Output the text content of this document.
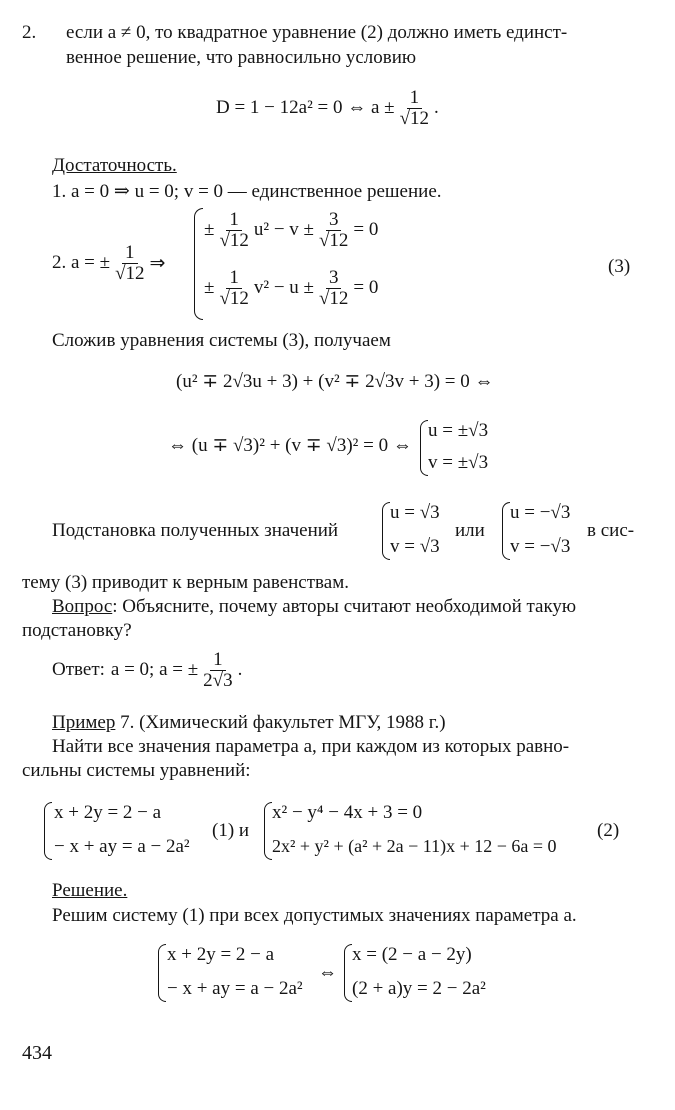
2. если a ≠ 0, то квадратное уравнение (2) должно иметь единст-
венное решение, что равносильно условию
D = 1 − 12a² = 0 ⇔ $a \pm \frac{1}{√12}$ .
Достаточность.
1. a = 0 ⇒ u = 0; v = 0 — единственное решение.
2. a = ± $\frac{1}{√12}$ ⇒
± $\frac{1}{√12} u^2 - v \pm \frac{3}{√12} = 0$
± $\frac{1}{√12} v^2 - u \pm \frac{3}{√12} = 0$
(3)
Сложив уравнения системы (3), получаем
(u² ∓ 2√3u + 3) + (v² ∓ 2√3v + 3) = 0 ⇔
⇔ (u ∓ √3)² + (v ∓ √3)² = 0 ⇔
u = ±√3
v = ±√3
Подстановка полученных значений
u = √3
v = √3
или
u = −√3
v = −√3
в сис-
тему (3) приводит к верным равенствам.
Вопрос: Объясните, почему авторы считают необходимой такую
подстановку?
Ответ: a = 0; a = ± $\frac{1}{2√3}$ .
Пример 7. (Химический факультет МГУ, 1988 г.)
Найти все значения параметра a, при каждом из которых равно-
сильны системы уравнений:
x + 2y = 2 − a
− x + ay = a − 2a²
(1) и
x² − y⁴ − 4x + 3 = 0
2x² + y² + (a² + 2a − 11)x + 12 − 6a = 0
(2)
Решение.
Решим систему (1) при всех допустимых значениях параметра a.
x + 2y = 2 − a
− x + ay = a − 2a²
⇔
x = (2 − a − 2y)
(2 + a)y = 2 − 2a²
434
